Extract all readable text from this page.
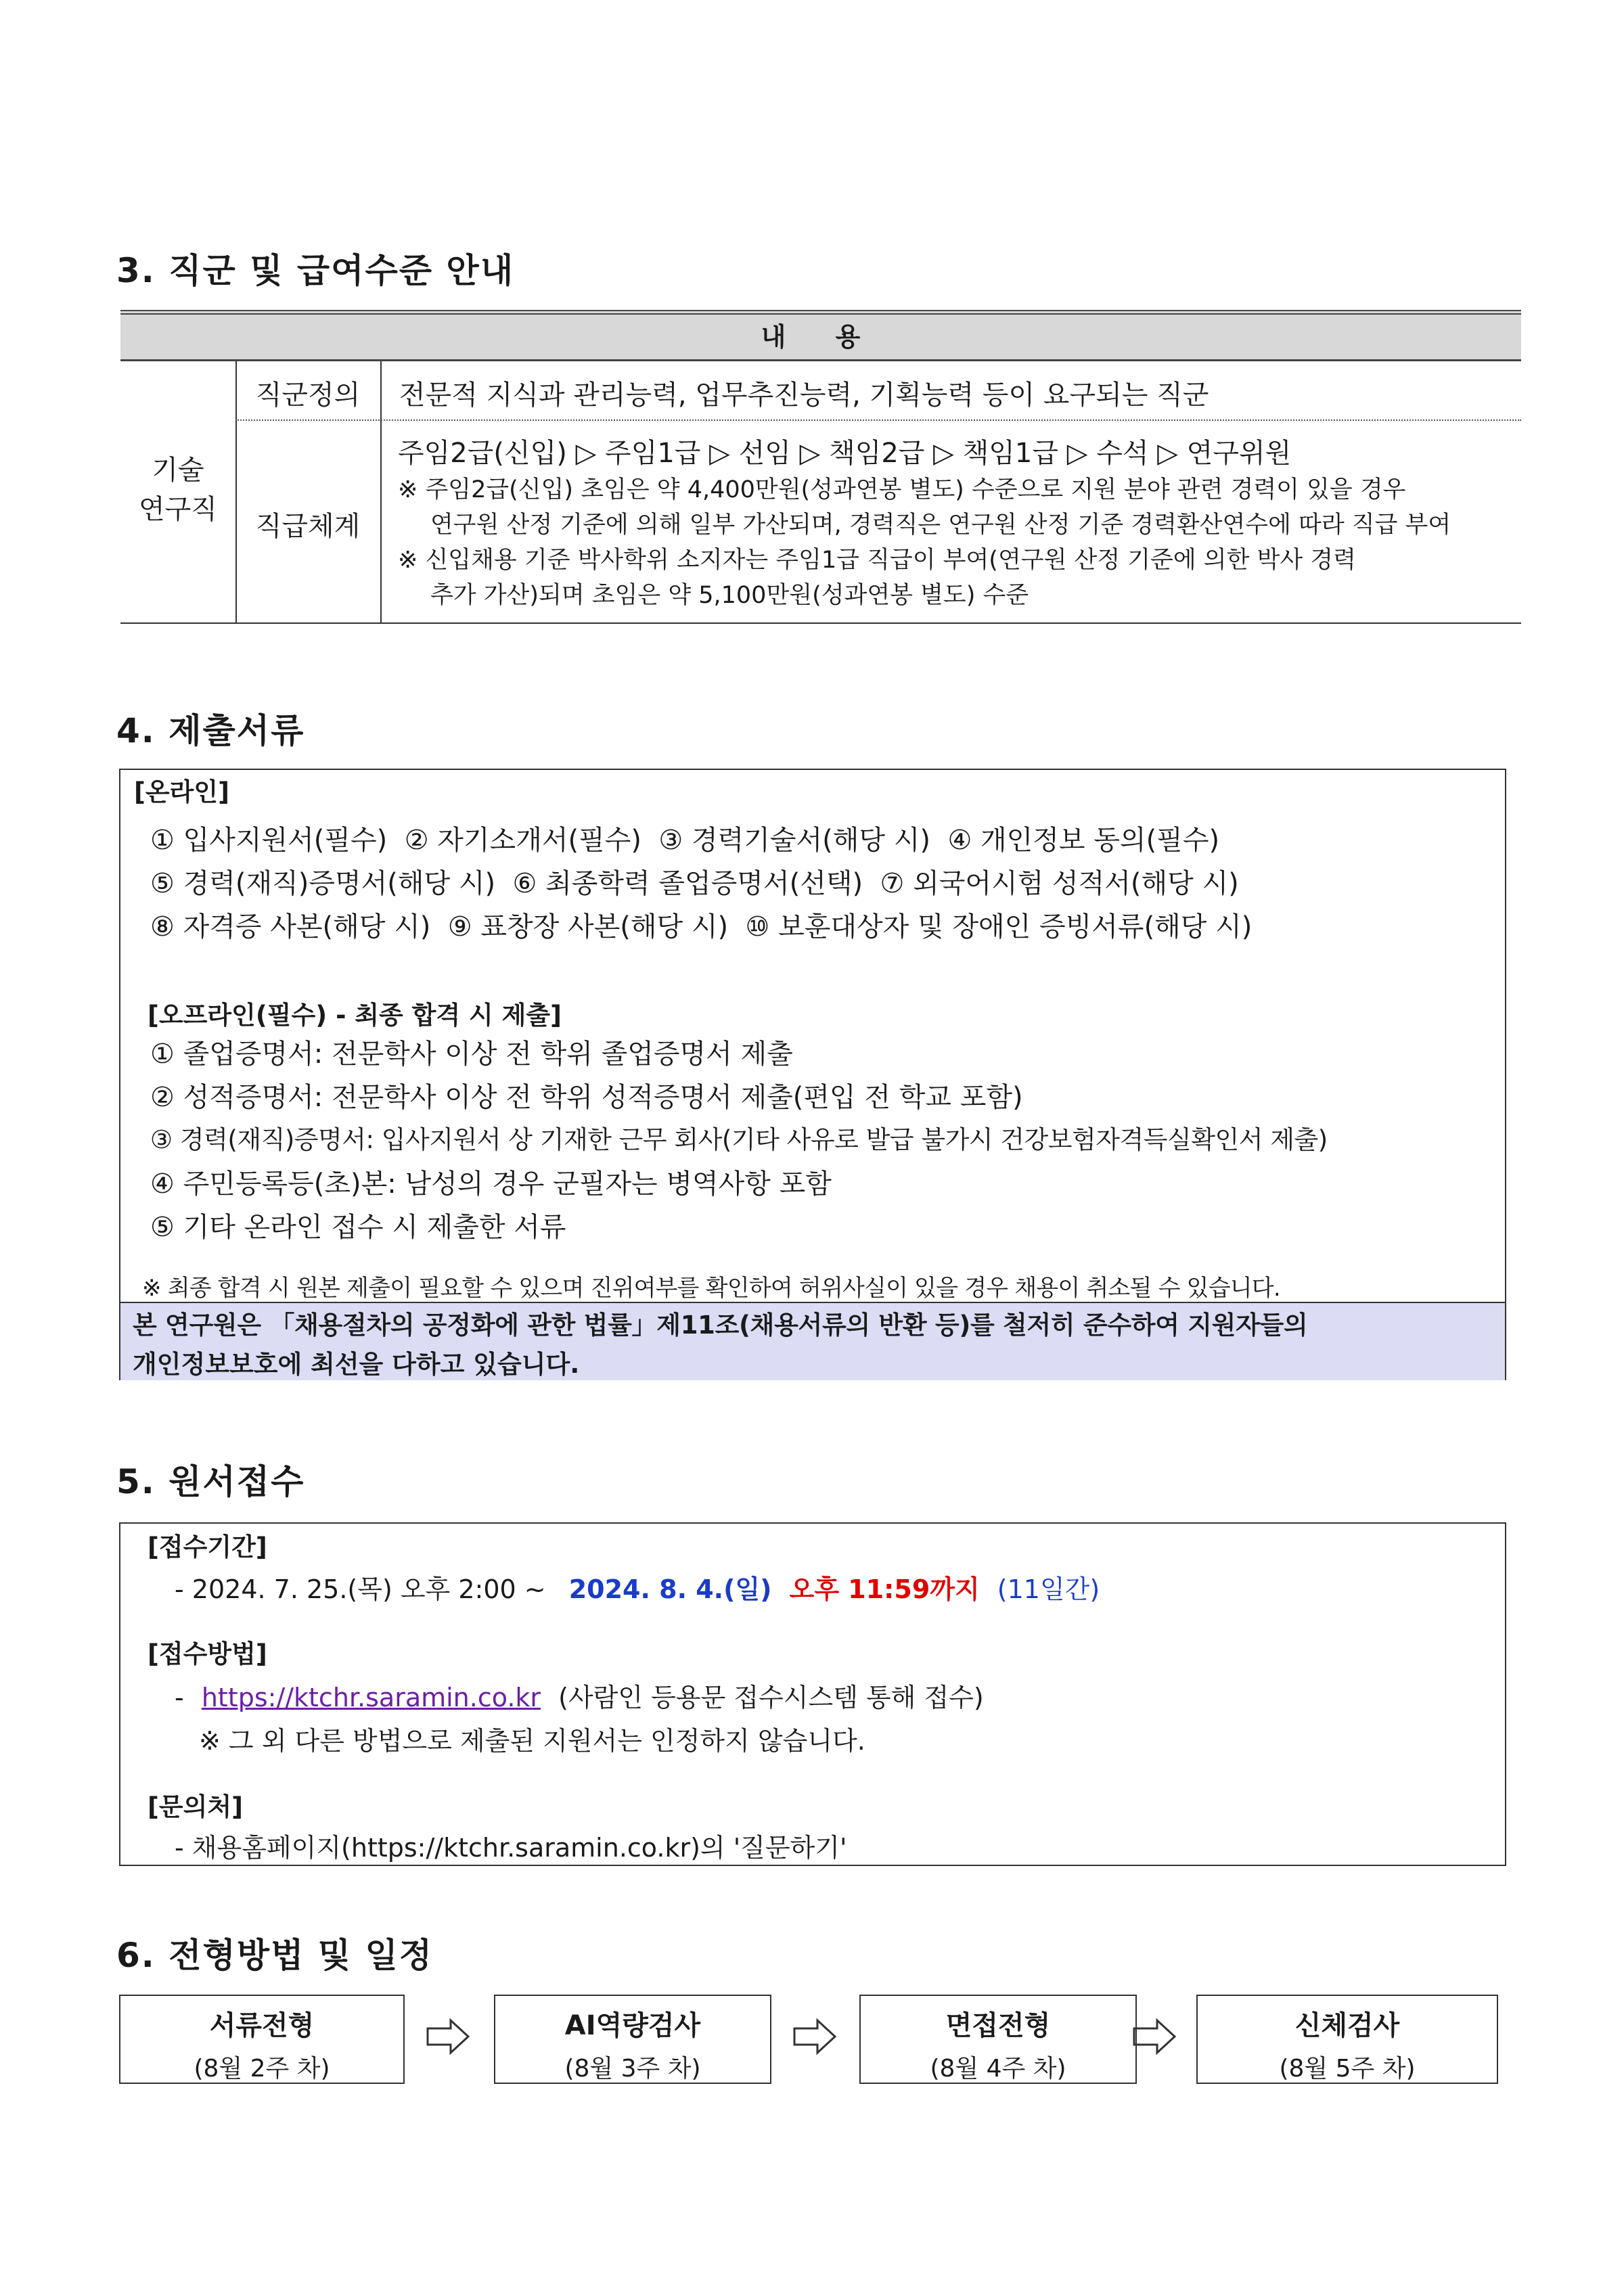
3. 직군 및 급여수준 안내
내 용
기술
연구직
직군정의	전문적 지식과 관리능력, 업무추진능력, 기획능력 등이 요구되는 직군
직급체계
주임2급(신입) ▷ 주임1급 ▷ 선임 ▷ 책임2급 ▷ 책임1급 ▷ 수석 ▷ 연구위원
※ 주임2급(신입) 초임은 약 4,400만원(성과연봉 별도) 수준으로 지원 분야 관련 경력이 있을 경우
연구원 산정 기준에 의해 일부 가산되며, 경력직은 연구원 산정 기준 경력환산연수에 따라 직급 부여
※ 신입채용 기준 박사학위 소지자는 주임1급 직급이 부여(연구원 산정 기준에 의한 박사 경력
추가 가산)되며 초임은 약 5,100만원(성과연봉 별도) 수준
4. 제출서류
[온라인]
① 입사지원서(필수)  ② 자기소개서(필수)  ③ 경력기술서(해당 시)  ④ 개인정보 동의(필수)
⑤ 경력(재직)증명서(해당 시)  ⑥ 최종학력 졸업증명서(선택)  ⑦ 외국어시험 성적서(해당 시)
⑧ 자격증 사본(해당 시)  ⑨ 표창장 사본(해당 시)  ⑩ 보훈대상자 및 장애인 증빙서류(해당 시)
[오프라인(필수) - 최종 합격 시 제출]
① 졸업증명서: 전문학사 이상 전 학위 졸업증명서 제출
② 성적증명서: 전문학사 이상 전 학위 성적증명서 제출(편입 전 학교 포함)
③ 경력(재직)증명서: 입사지원서 상 기재한 근무 회사(기타 사유로 발급 불가시 건강보험자격득실확인서 제출)
④ 주민등록등(초)본: 남성의 경우 군필자는 병역사항 포함
⑤ 기타 온라인 접수 시 제출한 서류
※ 최종 합격 시 원본 제출이 필요할 수 있으며 진위여부를 확인하여 허위사실이 있을 경우 채용이 취소될 수 있습니다.
본 연구원은 「채용절차의 공정화에 관한 법률」제11조(채용서류의 반환 등)를 철저히 준수하여 지원자들의
개인정보보호에 최선을 다하고 있습니다.
5. 원서접수
[접수기간]
- 2024. 7. 25.(목) 오후 2:00 ~ 2024. 8. 4.(일) 오후 11:59까지 (11일간)
[접수방법]
- https://ktchr.saramin.co.kr (사람인 등용문 접수시스템 통해 접수)
※ 그 외 다른 방법으로 제출된 지원서는 인정하지 않습니다.
[문의처]
- 채용홈페이지(https://ktchr.saramin.co.kr)의 '질문하기'
6. 전형방법 및 일정
서류전형
(8월 2주 차)
AI역량검사
(8월 3주 차)
면접전형
(8월 4주 차)
신체검사
(8월 5주 차)
